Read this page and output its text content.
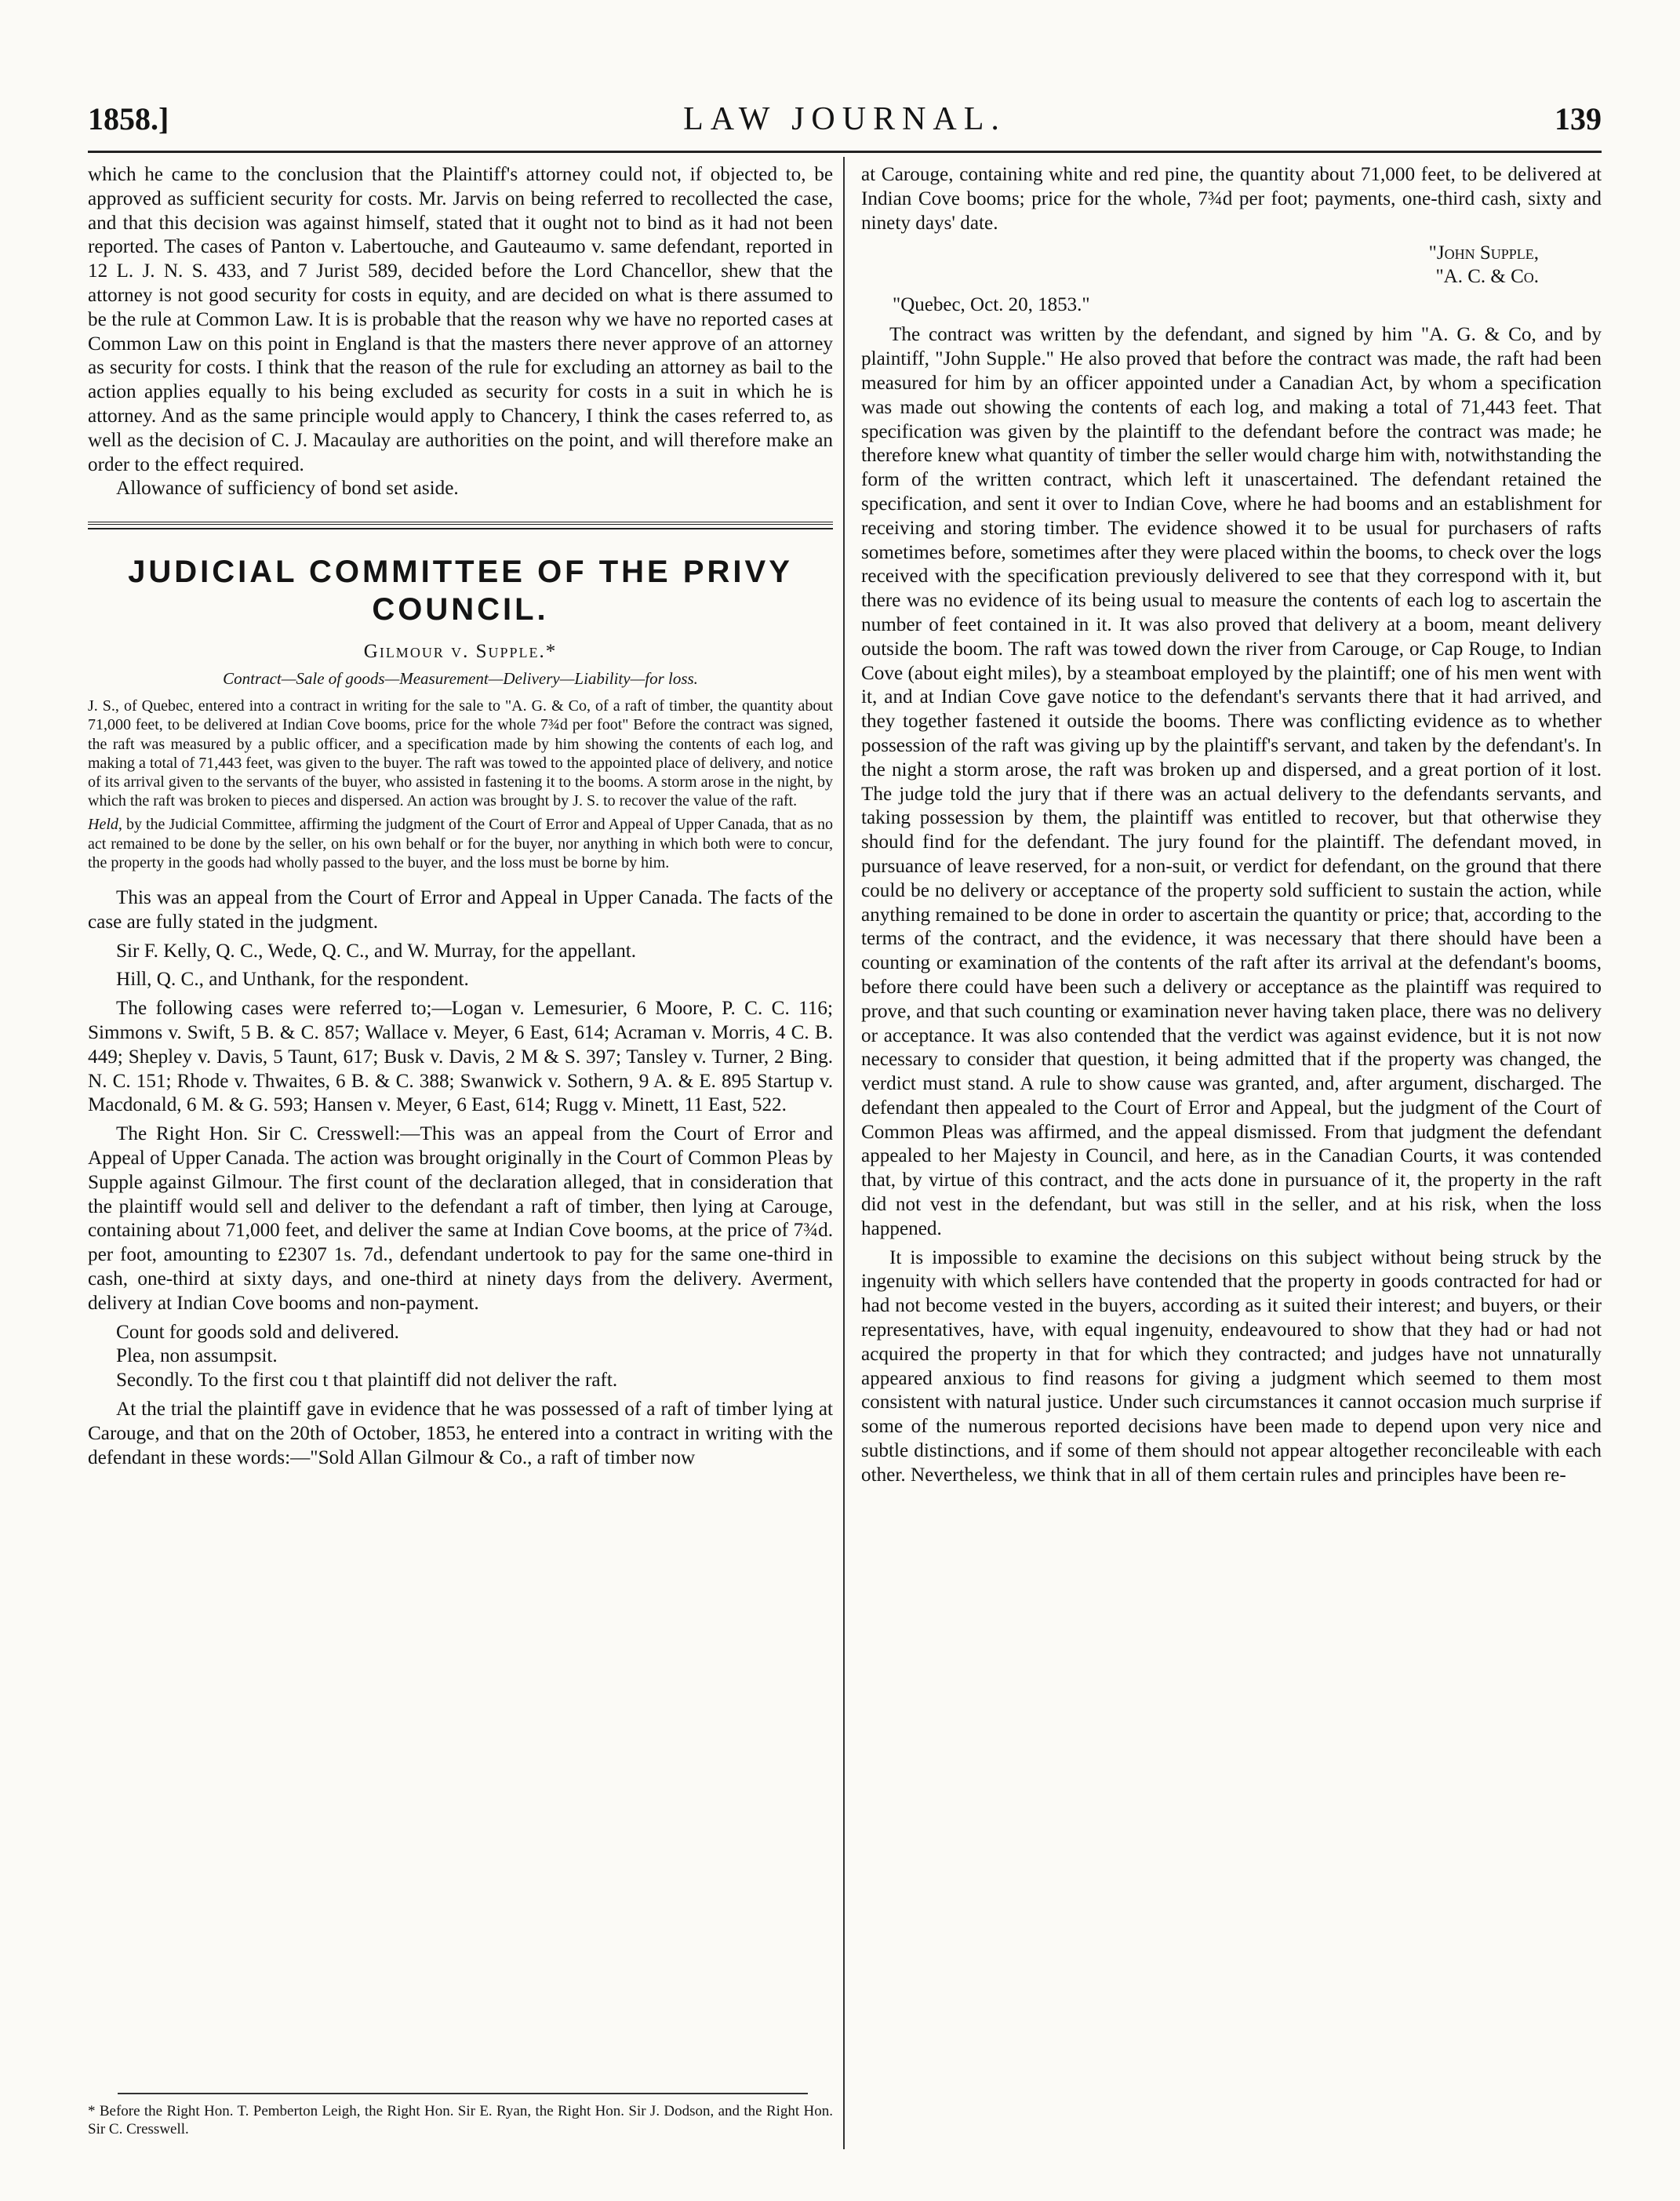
1858.]	LAW JOURNAL.	139

which he came to the conclusion that the Plaintiff's attorney could not, if objected to, be approved as sufficient security for costs. Mr. Jarvis on being referred to recollected the case, and that this decision was against himself, stated that it ought not to bind as it had not been reported. The cases of Panton v. Labertouche, and Gauteaumo v. same defendant, reported in 12 L. J. N. S. 433, and 7 Jurist 589, decided before the Lord Chancellor, shew that the attorney is not good security for costs in equity, and are decided on what is there assumed to be the rule at Common Law. It is is probable that the reason why we have no reported cases at Common Law on this point in England is that the masters there never approve of an attorney as security for costs. I think that the reason of the rule for excluding an attorney as bail to the action applies equally to his being excluded as security for costs in a suit in which he is attorney. And as the same principle would apply to Chancery, I think the cases referred to, as well as the decision of C. J. Macaulay are authorities on the point, and will therefore make an order to the effect required.

Allowance of sufficiency of bond set aside.

JUDICIAL COMMITTEE OF THE PRIVY COUNCIL.
Gilmour v. Supple.*
Contract—Sale of goods—Measurement—Delivery—Liability—for loss.

J. S., of Quebec, entered into a contract in writing for the sale to "A. G. & Co, of a raft of timber, the quantity about 71,000 feet, to be delivered at Indian Cove booms, price for the whole 7¾d per foot" Before the contract was signed, the raft was measured by a public officer, and a specification made by him showing the contents of each log, and making a total of 71,443 feet, was given to the buyer. The raft was towed to the appointed place of delivery, and notice of its arrival given to the servants of the buyer, who assisted in fastening it to the booms. A storm arose in the night, by which the raft was broken to pieces and dispersed. An action was brought by J. S. to recover the value of the raft.

Held, by the Judicial Committee, affirming the judgment of the Court of Error and Appeal of Upper Canada, that as no act remained to be done by the seller, on his own behalf or for the buyer, nor anything in which both were to concur, the property in the goods had wholly passed to the buyer, and the loss must be borne by him.

This was an appeal from the Court of Error and Appeal in Upper Canada. The facts of the case are fully stated in the judgment.

Sir F. Kelly, Q. C., Wede, Q. C., and W. Murray, for the appellant.

Hill, Q. C., and Unthank, for the respondent.

The following cases were referred to;—Logan v. Lemesurier, 6 Moore, P. C. C. 116; Simmons v. Swift, 5 B. & C. 857; Wallace v. Meyer, 6 East, 614; Acraman v. Morris, 4 C. B. 449; Shepley v. Davis, 5 Taunt, 617; Busk v. Davis, 2 M & S. 397; Tansley v. Turner, 2 Bing. N. C. 151; Rhode v. Thwaites, 6 B. & C. 388; Swanwick v. Sothern, 9 A. & E. 895 Startup v. Macdonald, 6 M. & G. 593; Hansen v. Meyer, 6 East, 614; Rugg v. Minett, 11 East, 522.

The Right Hon. Sir C. Cresswell:—This was an appeal from the Court of Error and Appeal of Upper Canada. The action was brought originally in the Court of Common Pleas by Supple against Gilmour. The first count of the declaration alleged, that in consideration that the plaintiff would sell and deliver to the defendant a raft of timber, then lying at Carouge, containing about 71,000 feet, and deliver the same at Indian Cove booms, at the price of 7¾d. per foot, amounting to £2307 1s. 7d., defendant undertook to pay for the same one-third in cash, one-third at sixty days, and one-third at ninety days from the delivery. Averment, delivery at Indian Cove booms and non-payment.

Count for goods sold and delivered.

Plea, non assumpsit.

Secondly. To the first cou t that plaintiff did not deliver the raft.

At the trial the plaintiff gave in evidence that he was possessed of a raft of timber lying at Carouge, and that on the 20th of October, 1853, he entered into a contract in writing with the defendant in these words:—"Sold Allan Gilmour & Co., a raft of timber now

* Before the Right Hon. T. Pemberton Leigh, the Right Hon. Sir E. Ryan, the Right Hon. Sir J. Dodson, and the Right Hon. Sir C. Cresswell.

at Carouge, containing white and red pine, the quantity about 71,000 feet, to be delivered at Indian Cove booms; price for the whole, 7¾d per foot; payments, one-third cash, sixty and ninety days' date.

"John Supple,
"A. C. & Co.
"Quebec, Oct. 20, 1853."

The contract was written by the defendant, and signed by him "A. G. & Co, and by plaintiff, "John Supple." He also proved that before the contract was made, the raft had been measured for him by an officer appointed under a Canadian Act, by whom a specification was made out showing the contents of each log, and making a total of 71,443 feet. That specification was given by the plaintiff to the defendant before the contract was made; he therefore knew what quantity of timber the seller would charge him with, notwithstanding the form of the written contract, which left it unascertained. The defendant retained the specification, and sent it over to Indian Cove, where he had booms and an establishment for receiving and storing timber. The evidence showed it to be usual for purchasers of rafts sometimes before, sometimes after they were placed within the booms, to check over the logs received with the specification previously delivered to see that they correspond with it, but there was no evidence of its being usual to measure the contents of each log to ascertain the number of feet contained in it. It was also proved that delivery at a boom, meant delivery outside the boom. The raft was towed down the river from Carouge, or Cap Rouge, to Indian Cove (about eight miles), by a steamboat employed by the plaintiff; one of his men went with it, and at Indian Cove gave notice to the defendant's servants there that it had arrived, and they together fastened it outside the booms. There was conflicting evidence as to whether possession of the raft was giving up by the plaintiff's servant, and taken by the defendant's. In the night a storm arose, the raft was broken up and dispersed, and a great portion of it lost. The judge told the jury that if there was an actual delivery to the defendants servants, and taking possession by them, the plaintiff was entitled to recover, but that otherwise they should find for the defendant. The jury found for the plaintiff. The defendant moved, in pursuance of leave reserved, for a non-suit, or verdict for defendant, on the ground that there could be no delivery or acceptance of the property sold sufficient to sustain the action, while anything remained to be done in order to ascertain the quantity or price; that, according to the terms of the contract, and the evidence, it was necessary that there should have been a counting or examination of the contents of the raft after its arrival at the defendant's booms, before there could have been such a delivery or acceptance as the plaintiff was required to prove, and that such counting or examination never having taken place, there was no delivery or acceptance. It was also contended that the verdict was against evidence, but it is not now necessary to consider that question, it being admitted that if the property was changed, the verdict must stand. A rule to show cause was granted, and, after argument, discharged. The defendant then appealed to the Court of Error and Appeal, but the judgment of the Court of Common Pleas was affirmed, and the appeal dismissed. From that judgment the defendant appealed to her Majesty in Council, and here, as in the Canadian Courts, it was contended that, by virtue of this contract, and the acts done in pursuance of it, the property in the raft did not vest in the defendant, but was still in the seller, and at his risk, when the loss happened.

It is impossible to examine the decisions on this subject without being struck by the ingenuity with which sellers have contended that the property in goods contracted for had or had not become vested in the buyers, according as it suited their interest; and buyers, or their representatives, have, with equal ingenuity, endeavoured to show that they had or had not acquired the property in that for which they contracted; and judges have not unnaturally appeared anxious to find reasons for giving a judgment which seemed to them most consistent with natural justice. Under such circumstances it cannot occasion much surprise if some of the numerous reported decisions have been made to depend upon very nice and subtle distinctions, and if some of them should not appear altogether reconcileable with each other. Nevertheless, we think that in all of them certain rules and principles have been re-
